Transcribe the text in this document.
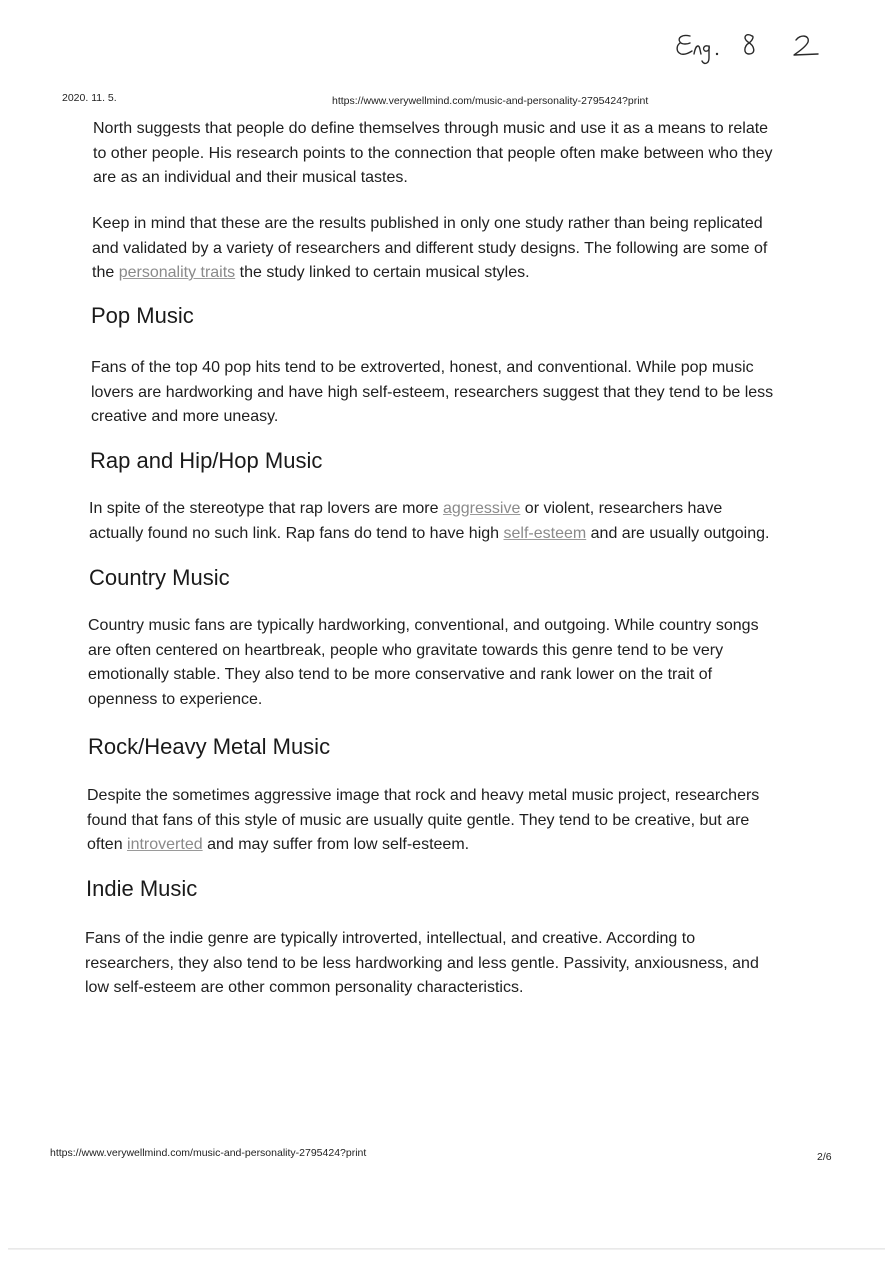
2020. 11. 5.	https://www.verywellmind.com/music-and-personality-2795424?print

North suggests that people do define themselves through music and use it as a means to relate
to other people. His research points to the connection that people often make between who they
are as an individual and their musical tastes.

Keep in mind that these are the results published in only one study rather than being replicated
and validated by a variety of researchers and different study designs. The following are some of
the personality traits the study linked to certain musical styles.

Pop Music

Fans of the top 40 pop hits tend to be extroverted, honest, and conventional. While pop music
lovers are hardworking and have high self-esteem, researchers suggest that they tend to be less
creative and more uneasy.

Rap and Hip/Hop Music

In spite of the stereotype that rap lovers are more aggressive or violent, researchers have
actually found no such link. Rap fans do tend to have high self-esteem and are usually outgoing.

Country Music

Country music fans are typically hardworking, conventional, and outgoing. While country songs
are often centered on heartbreak, people who gravitate towards this genre tend to be very
emotionally stable. They also tend to be more conservative and rank lower on the trait of
openness to experience.

Rock/Heavy Metal Music

Despite the sometimes aggressive image that rock and heavy metal music project, researchers
found that fans of this style of music are usually quite gentle. They tend to be creative, but are
often introverted and may suffer from low self-esteem.

Indie Music

Fans of the indie genre are typically introverted, intellectual, and creative. According to
researchers, they also tend to be less hardworking and less gentle. Passivity, anxiousness, and
low self-esteem are other common personality characteristics.

https://www.verywellmind.com/music-and-personality-2795424?print	2/6
